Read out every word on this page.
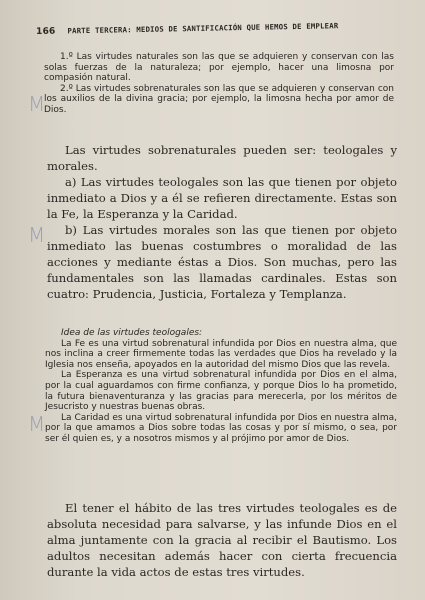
166 PARTE TERCERA: MEDIOS DE SANTIFICACIÓN QUE HEMOS DE EMPLEAR
M
M
M

1.º Las virtudes naturales son las que se adquieren y conservan con las solas fuerzas de la naturaleza; por ejemplo, hacer una limosna por compasión natural.

2.º Las virtudes sobrenaturales son las que se adquieren y conservan con los auxilios de la divina gracia; por ejemplo, la limosna hecha por amor de Dios.

Las virtudes sobrenaturales pueden ser: teologales y morales.

a) Las virtudes teologales son las que tienen por objeto inmediato a Dios y a él se refieren directamente. Estas son la Fe, la Esperanza y la Caridad.

b) Las virtudes morales son las que tienen por objeto inmediato las buenas costumbres o moralidad de las acciones y mediante éstas a Dios. Son muchas, pero las fundamentales son las llamadas cardinales. Estas son cuatro: Prudencia, Justicia, Fortaleza y Templanza.

Idea de las virtudes teologales:

La Fe es una virtud sobrenatural infundida por Dios en nuestra alma, que nos inclina a creer firmemente todas las verdades que Dios ha revelado y la Iglesia nos enseña, apoyados en la autoridad del mismo Dios que las revela.

La Esperanza es una virtud sobrenatural infundida por Dios en el alma, por la cual aguardamos con firme confianza, y porque Dios lo ha prometido, la futura bienaventuranza y las gracias para merecerla, por los méritos de Jesucristo y nuestras buenas obras.

La Caridad es una virtud sobrenatural infundida por Dios en nuestra alma, por la que amamos a Dios sobre todas las cosas y por sí mismo, o sea, por ser él quien es, y a nosotros mismos y al prójimo por amor de Dios.

El tener el hábito de las tres virtudes teologales es de absoluta necesidad para salvarse, y las infunde Dios en el alma juntamente con la gracia al recibir el Bautismo. Los adultos necesitan además hacer con cierta frecuencia durante la vida actos de estas tres virtudes.
